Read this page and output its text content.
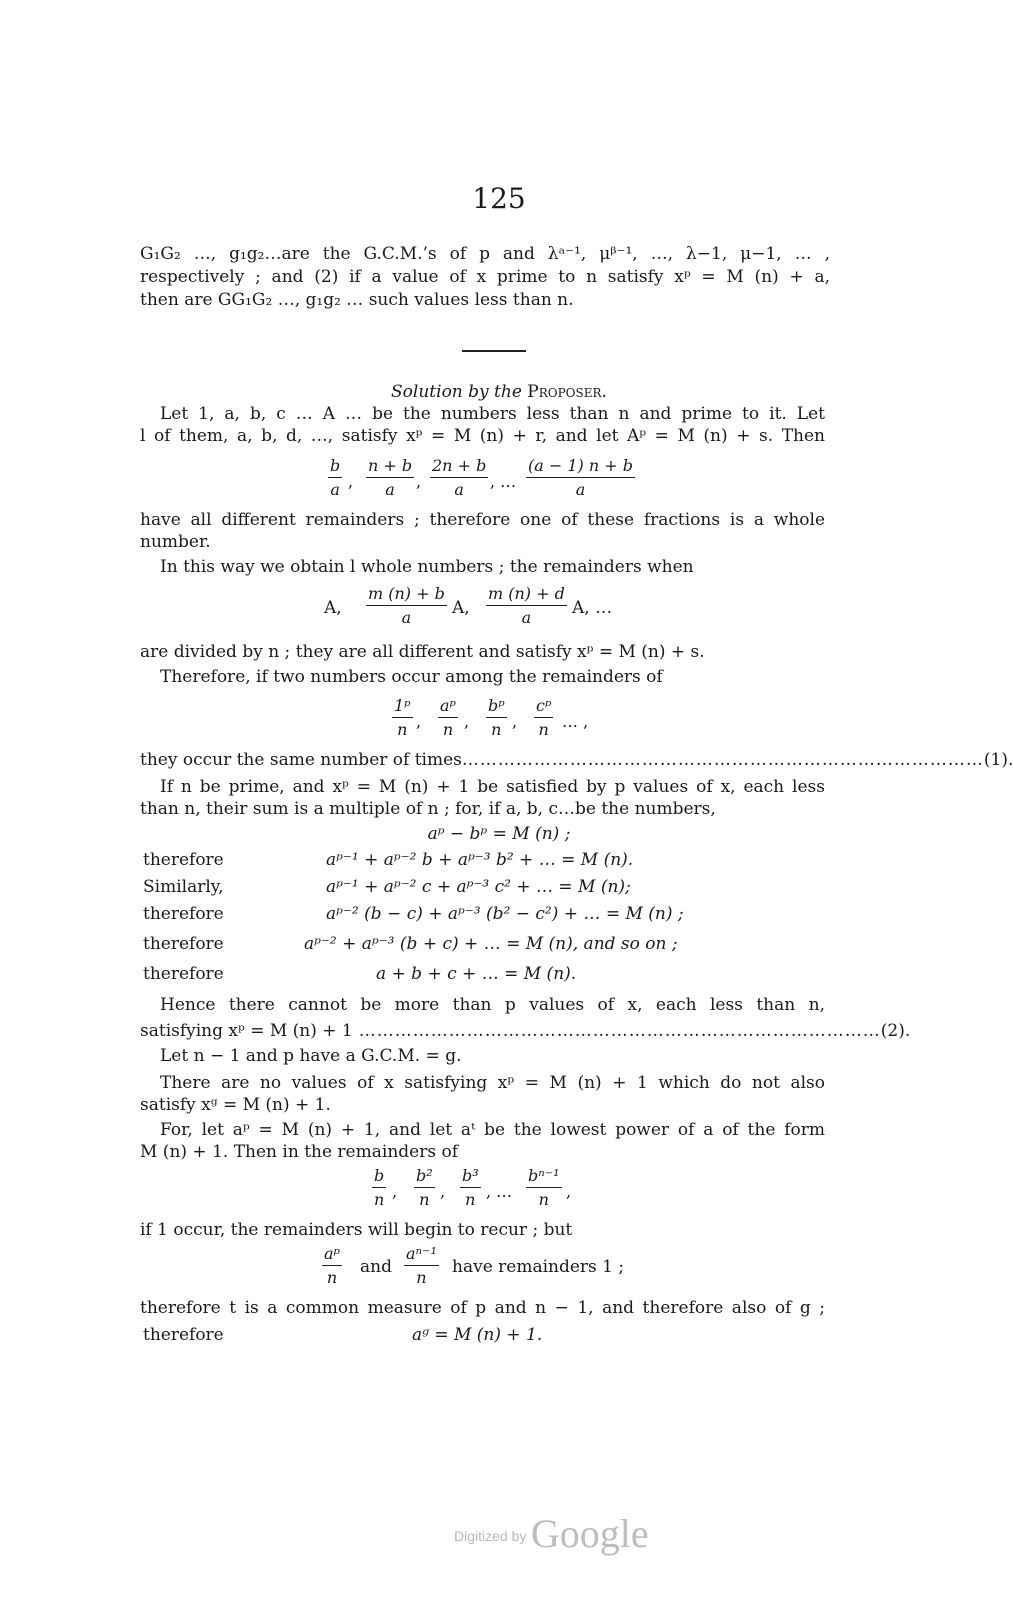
125
G₁G₂ …, g₁g₂…are the G.C.M.’s of p and λᵃ⁻¹, μᵝ⁻¹, …, λ−1, μ−1, … ,
respectively ; and (2) if a value of x prime to n satisfy xᵖ = M (n) + a,
then are GG₁G₂ …, g₁g₂ … such values less than n.
Solution by the Proposer.
Let 1, a, b, c … A … be the numbers less than n and prime to it. Let
l of them, a, b, d, …, satisfy xᵖ = M (n) + r, and let Aᵖ = M (n) + s. Then
$\frac{b}{a}$ , $\frac{n + b}{a}$ , $\frac{2n + b}{a}$ , … $\frac{(a - 1) n + b}{a}$
have all different remainders ; therefore one of these fractions is a whole
number.
In this way we obtain l whole numbers ; the remainders when
A, $\frac{m (n) + b}{a} A$, $\frac{m (n) + d}{a} A$, …
are divided by n ; they are all different and satisfy xᵖ = M (n) + s.
Therefore, if two numbers occur among the remainders of
$\frac{\text{1ᵖ}}{n}$ , $\frac{\text{aᵖ}}{n}$ , $\frac{\text{bᵖ}}{n}$ , $\frac{\text{cᵖ}}{n}$ … ,
they occur the same number of times …………………………………………………………………………… (1).
If n be prime, and xᵖ = M (n) + 1 be satisfied by p values of x, each less
than n, their sum is a multiple of n ; for, if a, b, c…be the numbers,
aᵖ − bᵖ = M (n) ;
therefore	aᵖ⁻¹ + aᵖ⁻² b + aᵖ⁻³ b² + … = M (n).
Similarly,	aᵖ⁻¹ + aᵖ⁻² c + aᵖ⁻³ c² + … = M (n);
therefore	aᵖ⁻² (b − c) + aᵖ⁻³ (b² − c²) + … = M (n) ;
therefore	aᵖ⁻² + aᵖ⁻³ (b + c) + … = M (n), and so on ;
therefore	a + b + c + … = M (n).
Hence there cannot be more than p values of x, each less than n,
satisfying xᵖ = M (n) + 1 …………………………………………………………………………… (2).
Let n − 1 and p have a G.C.M. = g.
There are no values of x satisfying xᵖ = M (n) + 1 which do not also
satisfy xᵍ = M (n) + 1.
For, let aᵖ = M (n) + 1, and let aᵗ be the lowest power of a of the form
M (n) + 1. Then in the remainders of
$\frac{b}{n}$ , $\frac{\text{b²}}{n}$ , $\frac{\text{b³}}{n}$ , … $\frac{\text{bⁿ⁻¹}}{n}$ ,
if 1 occur, the remainders will begin to recur ; but
$\frac{\text{aᵖ}}{n}$ and $\frac{\text{aⁿ⁻¹}}{n}$ have remainders 1 ;
therefore t is a common measure of p and n − 1, and therefore also of g ;
therefore	aᵍ = M (n) + 1.
Digitized by Google
